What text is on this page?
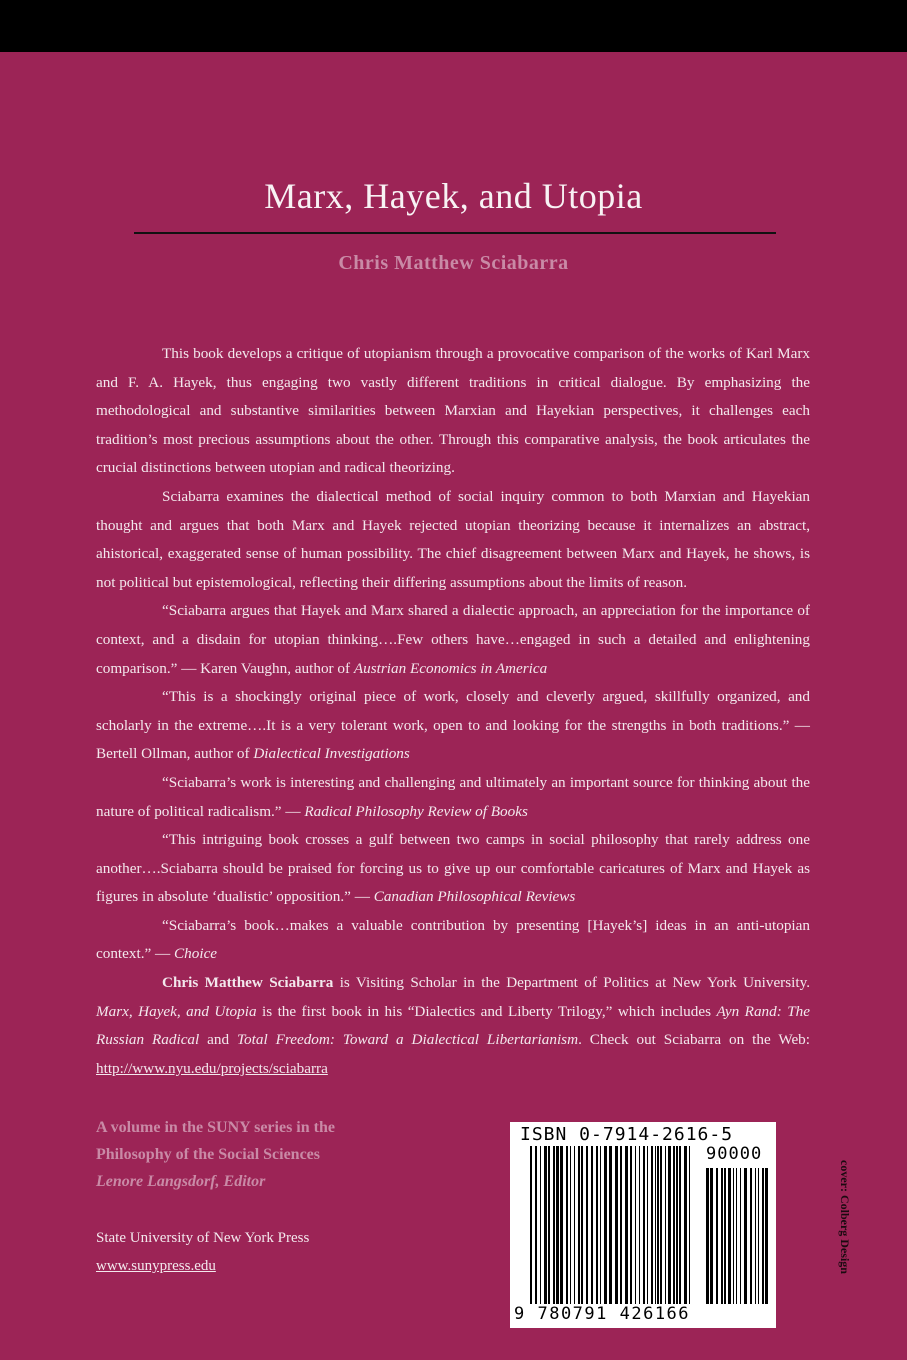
Marx, Hayek, and Utopia
Chris Matthew Sciabarra

This book develops a critique of utopianism through a provocative comparison of the works of Karl Marx and F. A. Hayek, thus engaging two vastly different traditions in critical dialogue. By emphasizing the methodological and substantive similarities between Marxian and Hayekian perspectives, it challenges each tradition’s most precious assumptions about the other. Through this comparative analysis, the book articulates the crucial distinctions between utopian and radical theorizing.

Sciabarra examines the dialectical method of social inquiry common to both Marxian and Hayekian thought and argues that both Marx and Hayek rejected utopian theorizing because it internalizes an abstract, ahistorical, exaggerated sense of human possibility. The chief disagreement between Marx and Hayek, he shows, is not political but epistemological, reflecting their differing assumptions about the limits of reason.

“Sciabarra argues that Hayek and Marx shared a dialectic approach, an appreciation for the importance of context, and a disdain for utopian thinking….Few others have…engaged in such a detailed and enlightening comparison.” — Karen Vaughn, author of Austrian Economics in America

“This is a shockingly original piece of work, closely and cleverly argued, skillfully organized, and scholarly in the extreme….It is a very tolerant work, open to and looking for the strengths in both traditions.” — Bertell Ollman, author of Dialectical Investigations

“Sciabarra’s work is interesting and challenging and ultimately an important source for thinking about the nature of political radicalism.” — Radical Philosophy Review of Books

“This intriguing book crosses a gulf between two camps in social philosophy that rarely address one another….Sciabarra should be praised for forcing us to give up our comfortable caricatures of Marx and Hayek as figures in absolute ‘dualistic’ opposition.” — Canadian Philosophical Reviews

“Sciabarra’s book…makes a valuable contribution by presenting [Hayek’s] ideas in an anti-utopian context.” — Choice

Chris Matthew Sciabarra is Visiting Scholar in the Department of Politics at New York University. Marx, Hayek, and Utopia is the first book in his “Dialectics and Liberty Trilogy,” which includes Ayn Rand: The Russian Radical and Total Freedom: Toward a Dialectical Libertarianism. Check out Sciabarra on the Web: http://www.nyu.edu/projects/sciabarra

A volume in the SUNY series in the
Philosophy of the Social Sciences
Lenore Langsdorf, Editor
State University of New York Press
www.sunypress.edu
ISBN 0-7914-2616-5
90000
9 780791 426166
cover: Colberg Design
